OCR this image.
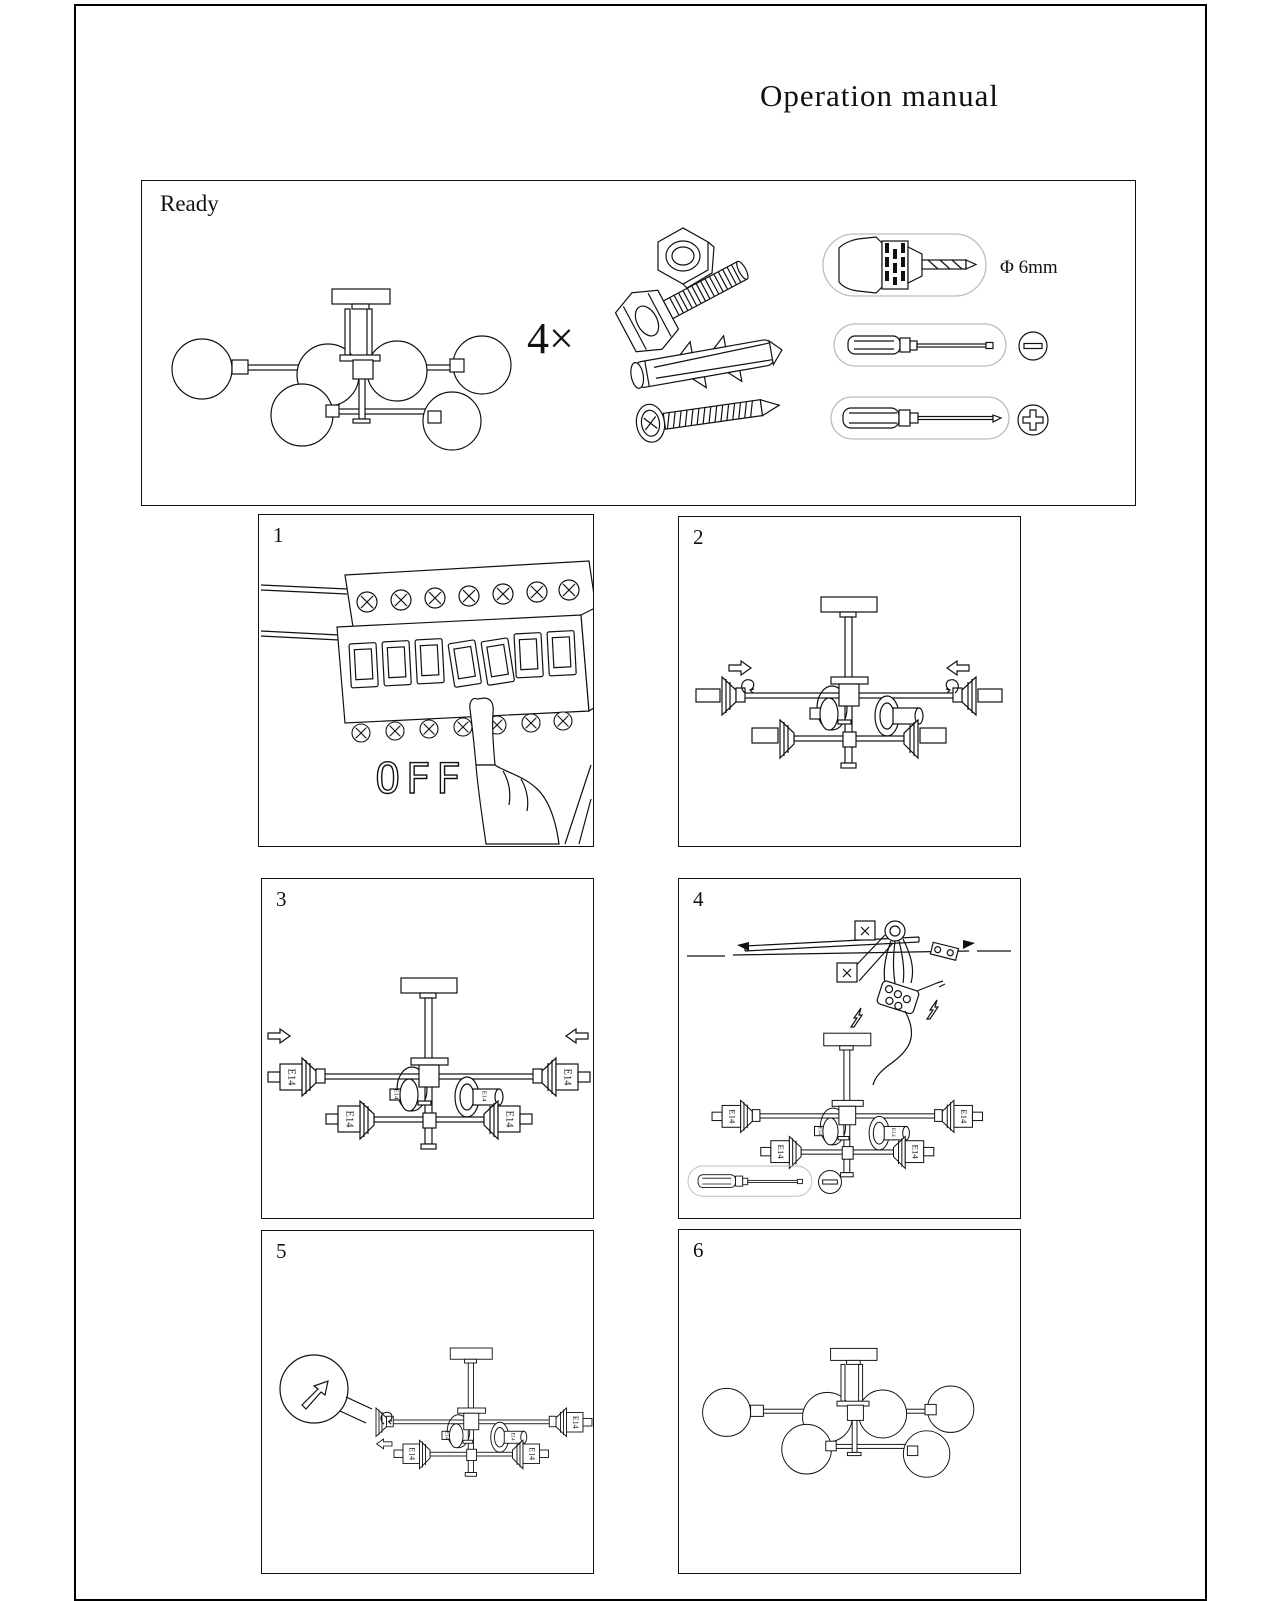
Operation manual
Ready
4×
Φ 6mm
1
OFF
2
3	4
5	6
